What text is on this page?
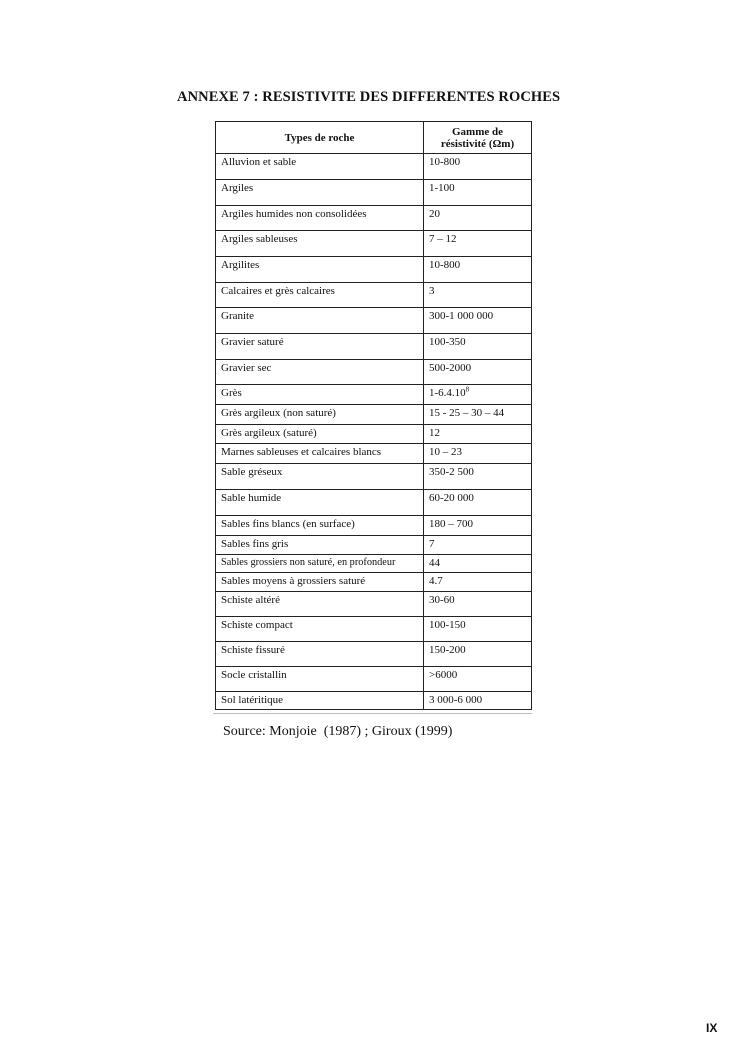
ANNEXE 7 : RESISTIVITE DES DIFFERENTES ROCHES
Types de roche	Gamme de
résistivité (Ωm)
Alluvion et sable	10-800
Argiles	1-100
Argiles humides non consolidées	20
Argiles sableuses	7 – 12
Argilites	10-800
Calcaires et grès calcaires	3
Granite	300-1 000 000
Gravier saturé	100-350
Gravier sec	500-2000
Grès	1-6.4.10$^8$
Grès argileux (non saturé)	15 - 25 – 30 – 44
Grès argileux (saturé)	12
Marnes sableuses et calcaires blancs	10 – 23
Sable gréseux	350-2 500
Sable humide	60-20 000
Sables fins blancs (en surface)	180 – 700
Sables fins gris	7
Sables grossiers non saturé, en profondeur	44
Sables moyens à grossiers saturé	4.7
Schiste altéré	30-60
Schiste compact	100-150
Schiste fissuré	150-200
Socle cristallin	>6000
Sol latéritique	3 000-6 000
Source: Monjoie  (1987) ; Giroux (1999)
IX
